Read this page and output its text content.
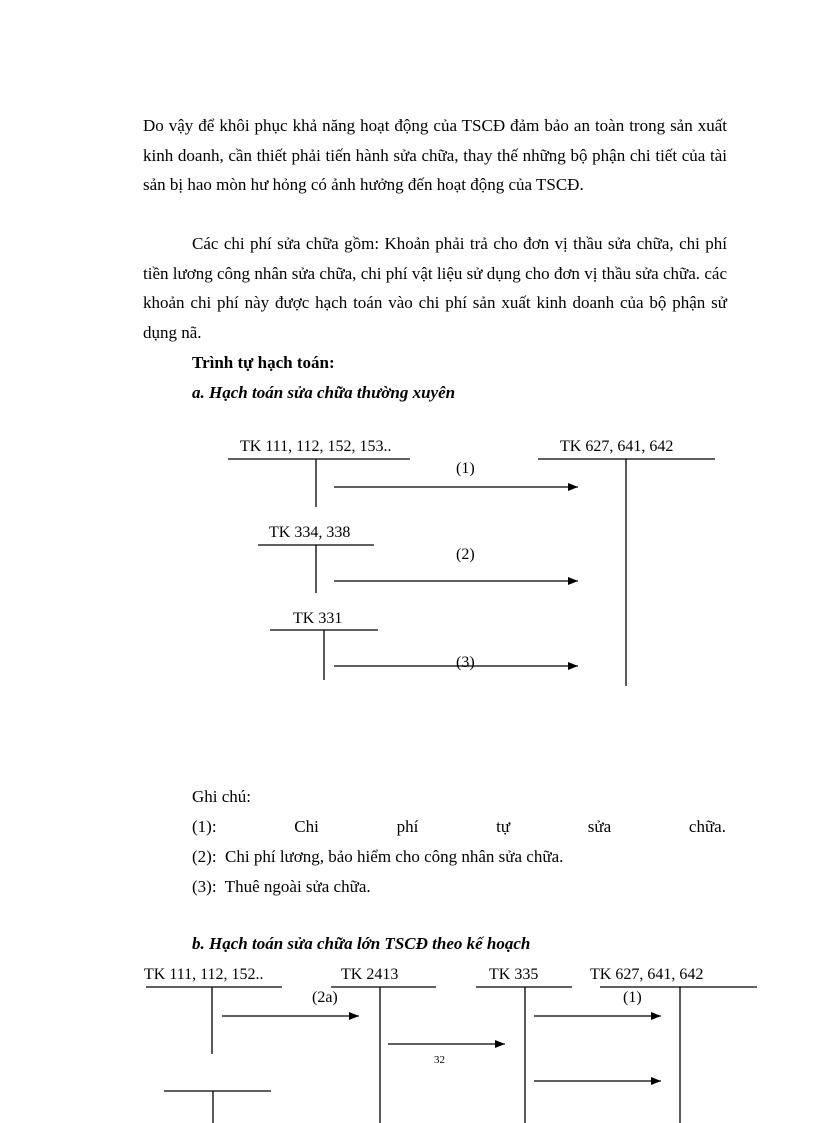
Do vậy để khôi phục khả năng hoạt động của TSCĐ đảm bảo an toàn trong sản xuất kinh doanh, cần thiết phải tiến hành sửa chữa, thay thế những bộ phận chi tiết của tài sản bị hao mòn hư hỏng có ảnh hưởng đến hoạt động của TSCĐ.

Các chi phí sửa chữa gồm: Khoản phải trả cho đơn vị thầu sửa chữa, chi phí tiền lương công nhân sửa chữa, chi phí vật liệu sử dụng cho đơn vị thầu sửa chữa. các khoản chi phí này được hạch toán vào chi phí sản xuất kinh doanh của bộ phận sử dụng nã.

Trình tự hạch toán:

a. Hạch toán sửa chữa thường xuyên

TK 111, 112, 152, 153..	TK 627, 641, 642
(1)
TK 334, 338
(2)
TK 331
(3)

Ghi chú:

(1):	Chi	phí	tự	sửa	chữa.

(2):  Chi phí lương, bảo hiểm cho công nhân sửa chữa.

(3):  Thuê ngoài sửa chữa.

b. Hạch toán sửa chữa lớn TSCĐ theo kế hoạch

TK 111, 112, 152..	TK 2413	TK 335	TK 627, 641, 642
(2a)	(1)
32
